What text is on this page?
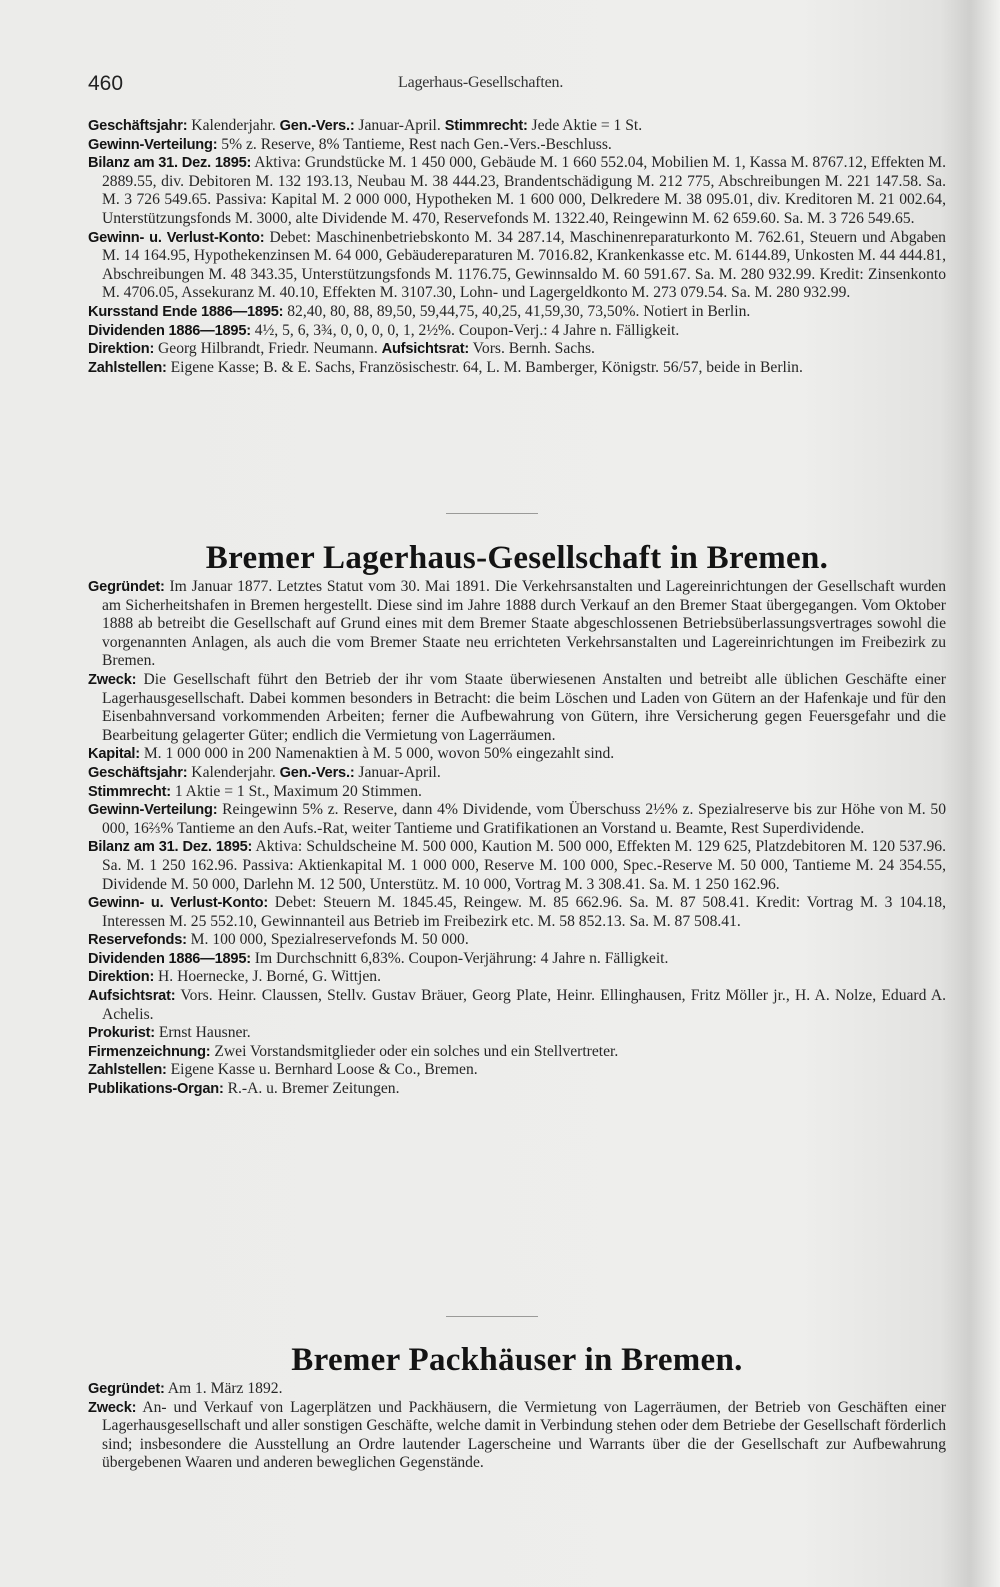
460	Lagerhaus-Gesellschaften.

Geschäftsjahr: Kalenderjahr. Gen.-Vers.: Januar-April. Stimmrecht: Jede Aktie = 1 St.

Gewinn-Verteilung: 5% z. Reserve, 8% Tantieme, Rest nach Gen.-Vers.-Beschluss.

Bilanz am 31. Dez. 1895: Aktiva: Grundstücke M. 1 450 000, Gebäude M. 1 660 552.04, Mobilien M. 1, Kassa M. 8767.12, Effekten M. 2889.55, div. Debitoren M. 132 193.13, Neubau M. 38 444.23, Brandentschädigung M. 212 775, Abschreibungen M. 221 147.58. Sa. M. 3 726 549.65. Passiva: Kapital M. 2 000 000, Hypotheken M. 1 600 000, Delkredere M. 38 095.01, div. Kreditoren M. 21 002.64, Unterstützungsfonds M. 3000, alte Dividende M. 470, Reservefonds M. 1322.40, Reingewinn M. 62 659.60. Sa. M. 3 726 549.65.

Gewinn- u. Verlust-Konto: Debet: Maschinenbetriebskonto M. 34 287.14, Maschinenreparaturkonto M. 762.61, Steuern und Abgaben M. 14 164.95, Hypothekenzinsen M. 64 000, Gebäudereparaturen M. 7016.82, Krankenkasse etc. M. 6144.89, Unkosten M. 44 444.81, Abschreibungen M. 48 343.35, Unterstützungsfonds M. 1176.75, Gewinnsaldo M. 60 591.67. Sa. M. 280 932.99. Kredit: Zinsenkonto M. 4706.05, Assekuranz M. 40.10, Effekten M. 3107.30, Lohn- und Lagergeldkonto M. 273 079.54. Sa. M. 280 932.99.

Kursstand Ende 1886—1895: 82,40, 80, 88, 89,50, 59,44,75, 40,25, 41,59,30, 73,50%. Notiert in Berlin.

Dividenden 1886—1895: 4½, 5, 6, 3¾, 0, 0, 0, 0, 1, 2½%. Coupon-Verj.: 4 Jahre n. Fälligkeit.

Direktion: Georg Hilbrandt, Friedr. Neumann. Aufsichtsrat: Vors. Bernh. Sachs.

Zahlstellen: Eigene Kasse; B. & E. Sachs, Französischestr. 64, L. M. Bamberger, Königstr. 56/57, beide in Berlin.

Bremer Lagerhaus-Gesellschaft in Bremen.

Gegründet: Im Januar 1877. Letztes Statut vom 30. Mai 1891. Die Verkehrsanstalten und Lagereinrichtungen der Gesellschaft wurden am Sicherheitshafen in Bremen hergestellt. Diese sind im Jahre 1888 durch Verkauf an den Bremer Staat übergegangen. Vom Oktober 1888 ab betreibt die Gesellschaft auf Grund eines mit dem Bremer Staate abgeschlossenen Betriebsüberlassungsvertrages sowohl die vorgenannten Anlagen, als auch die vom Bremer Staate neu errichteten Verkehrsanstalten und Lagereinrichtungen im Freibezirk zu Bremen.

Zweck: Die Gesellschaft führt den Betrieb der ihr vom Staate überwiesenen Anstalten und betreibt alle üblichen Geschäfte einer Lagerhausgesellschaft. Dabei kommen besonders in Betracht: die beim Löschen und Laden von Gütern an der Hafenkaje und für den Eisenbahnversand vorkommenden Arbeiten; ferner die Aufbewahrung von Gütern, ihre Versicherung gegen Feuersgefahr und die Bearbeitung gelagerter Güter; endlich die Vermietung von Lagerräumen.

Kapital: M. 1 000 000 in 200 Namenaktien à M. 5 000, wovon 50% eingezahlt sind.

Geschäftsjahr: Kalenderjahr. Gen.-Vers.: Januar-April.

Stimmrecht: 1 Aktie = 1 St., Maximum 20 Stimmen.

Gewinn-Verteilung: Reingewinn 5% z. Reserve, dann 4% Dividende, vom Überschuss 2½% z. Spezialreserve bis zur Höhe von M. 50 000, 16⅔% Tantieme an den Aufs.-Rat, weiter Tantieme und Gratifikationen an Vorstand u. Beamte, Rest Superdividende.

Bilanz am 31. Dez. 1895: Aktiva: Schuldscheine M. 500 000, Kaution M. 500 000, Effekten M. 129 625, Platzdebitoren M. 120 537.96. Sa. M. 1 250 162.96. Passiva: Aktienkapital M. 1 000 000, Reserve M. 100 000, Spec.-Reserve M. 50 000, Tantieme M. 24 354.55, Dividende M. 50 000, Darlehn M. 12 500, Unterstütz. M. 10 000, Vortrag M. 3 308.41. Sa. M. 1 250 162.96.

Gewinn- u. Verlust-Konto: Debet: Steuern M. 1845.45, Reingew. M. 85 662.96. Sa. M. 87 508.41. Kredit: Vortrag M. 3 104.18, Interessen M. 25 552.10, Gewinnanteil aus Betrieb im Freibezirk etc. M. 58 852.13. Sa. M. 87 508.41.

Reservefonds: M. 100 000, Spezialreservefonds M. 50 000.

Dividenden 1886—1895: Im Durchschnitt 6,83%. Coupon-Verjährung: 4 Jahre n. Fälligkeit.

Direktion: H. Hoernecke, J. Borné, G. Wittjen.

Aufsichtsrat: Vors. Heinr. Claussen, Stellv. Gustav Bräuer, Georg Plate, Heinr. Ellinghausen, Fritz Möller jr., H. A. Nolze, Eduard A. Achelis.

Prokurist: Ernst Hausner.

Firmenzeichnung: Zwei Vorstandsmitglieder oder ein solches und ein Stellvertreter.

Zahlstellen: Eigene Kasse u. Bernhard Loose & Co., Bremen.

Publikations-Organ: R.-A. u. Bremer Zeitungen.

Bremer Packhäuser in Bremen.

Gegründet: Am 1. März 1892.

Zweck: An- und Verkauf von Lagerplätzen und Packhäusern, die Vermietung von Lagerräumen, der Betrieb von Geschäften einer Lagerhausgesellschaft und aller sonstigen Geschäfte, welche damit in Verbindung stehen oder dem Betriebe der Gesellschaft förderlich sind; insbesondere die Ausstellung an Ordre lautender Lagerscheine und Warrants über die der Gesellschaft zur Aufbewahrung übergebenen Waaren und anderen beweglichen Gegenstände.
